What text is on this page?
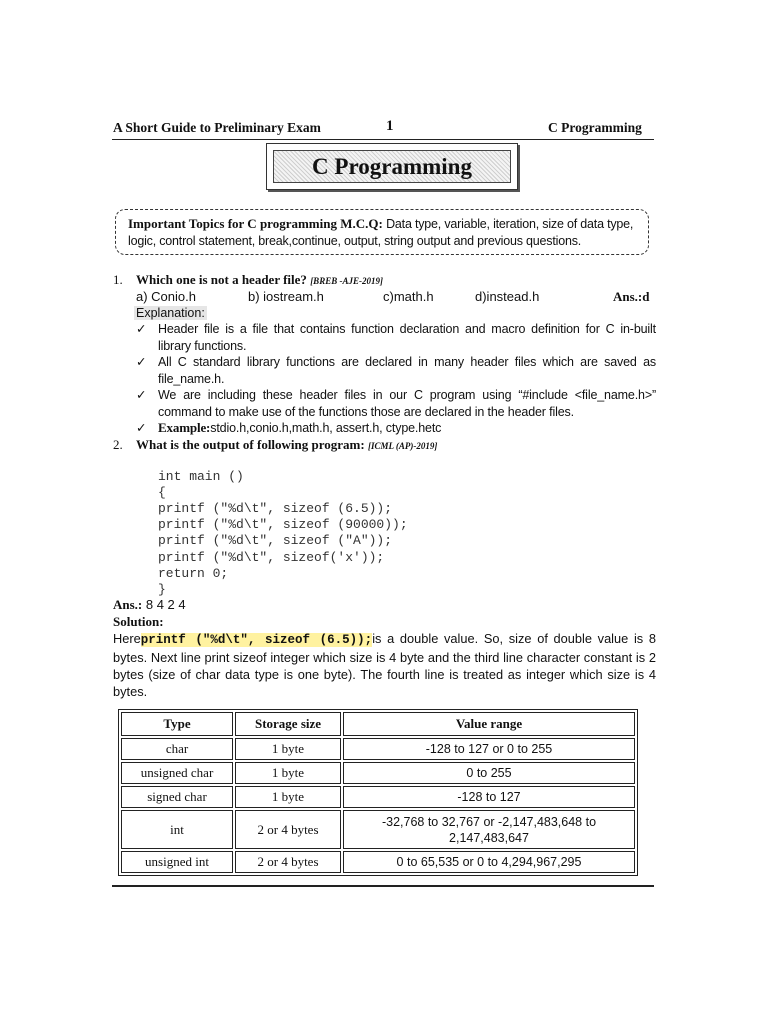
A Short Guide to Preliminary Exam	1	C Programming
C Programming
Important Topics for C programming M.C.Q: Data type, variable, iteration, size of data type, logic, control statement, break,continue, output, string output and previous questions.
1. Which one is not a header file? [BREB -AJE-2019]
a) Conio.h	b) iostream.h	c)math.h	d)instead.h	Ans.:d
Explanation:
✓ Header file is a file that contains function declaration and macro definition for C in-built library functions.
✓ All C standard library functions are declared in many header files which are saved as file_name.h.
✓ We are including these header files in our C program using “#include <file_name.h>” command to make use of the functions those are declared in the header files.
✓ Example:stdio.h,conio.h,math.h, assert.h, ctype.hetc
2. What is the output of following program: [ICML (AP)-2019]

int main ()
{
printf ("%d\t", sizeof (6.5));
printf ("%d\t", sizeof (90000));
printf ("%d\t", sizeof ("A"));
printf ("%d\t", sizeof('x'));
return 0;
}
Ans.: 8 4 2 4
Solution:
Hereprintf ("%d\t", sizeof (6.5));is a double value. So, size of double value is 8 bytes. Next line print sizeof integer which size is 4 byte and the third line character constant is 2 bytes (size of char data type is one byte). The fourth line is treated as integer which size is 4 bytes.
Type	Storage size	Value range
char	1 byte	-128 to 127 or 0 to 255
unsigned char	1 byte	0 to 255
signed char	1 byte	-128 to 127
int	2 or 4 bytes	-32,768 to 32,767 or -2,147,483,648 to 2,147,483,647
unsigned int	2 or 4 bytes	0 to 65,535 or 0 to 4,294,967,295
